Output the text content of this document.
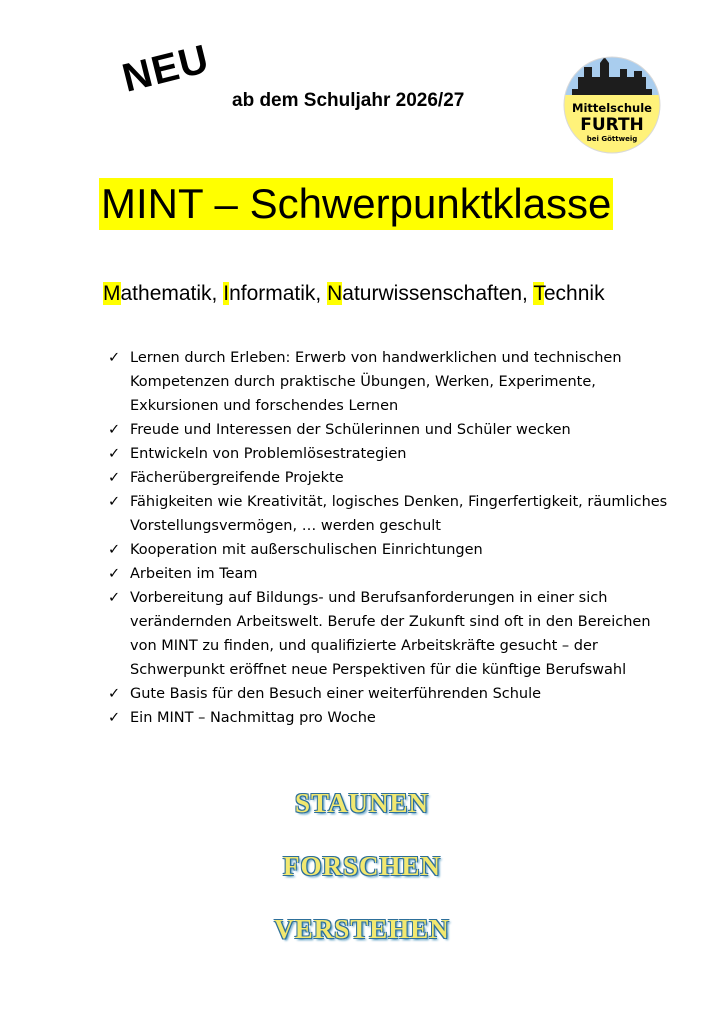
NEU ab dem Schuljahr 2026/27	Mittelschule
FURTH
bei Göttweig
MINT – Schwerpunktklasse
Mathematik, Informatik, Naturwissenschaften, Technik
✓ Lernen durch Erleben: Erwerb von handwerklichen und technischen Kompetenzen durch praktische Übungen, Werken, Experimente, Exkursionen und forschendes Lernen
✓ Freude und Interessen der Schülerinnen und Schüler wecken
✓ Entwickeln von Problemlösestrategien
✓ Fächerübergreifende Projekte
✓ Fähigkeiten wie Kreativität, logisches Denken, Fingerfertigkeit, räumliches Vorstellungsvermögen, … werden geschult
✓ Kooperation mit außerschulischen Einrichtungen
✓ Arbeiten im Team
✓ Vorbereitung auf Bildungs- und Berufsanforderungen in einer sich verändernden Arbeitswelt. Berufe der Zukunft sind oft in den Bereichen von MINT zu finden, und qualifizierte Arbeitskräfte gesucht – der Schwerpunkt eröffnet neue Perspektiven für die künftige Berufswahl
✓ Gute Basis für den Besuch einer weiterführenden Schule
✓ Ein MINT – Nachmittag pro Woche
STAUNEN
FORSCHEN
VERSTEHEN
